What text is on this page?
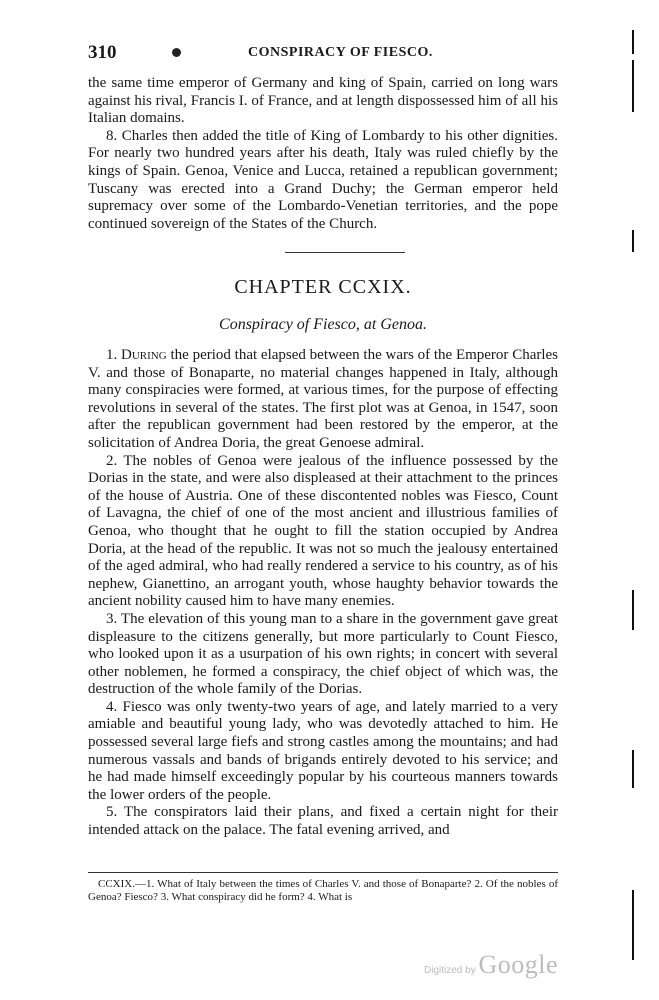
310	CONSPIRACY OF FIESCO.

the same time emperor of Germany and king of Spain, carried on long wars against his rival, Francis I. of France, and at length dispossessed him of all his Italian domains.

8. Charles then added the title of King of Lombardy to his other dignities. For nearly two hundred years after his death, Italy was ruled chiefly by the kings of Spain. Genoa, Venice and Lucca, retained a republican government; Tuscany was erected into a Grand Duchy; the German emperor held supremacy over some of the Lombardo-Venetian territories, and the pope continued sovereign of the States of the Church.

CHAPTER CCXIX.
Conspiracy of Fiesco, at Genoa.

1. During the period that elapsed between the wars of the Emperor Charles V. and those of Bonaparte, no material changes happened in Italy, although many conspiracies were formed, at various times, for the purpose of effecting revolutions in several of the states. The first plot was at Genoa, in 1547, soon after the republican government had been restored by the emperor, at the solicitation of Andrea Doria, the great Genoese admiral.

2. The nobles of Genoa were jealous of the influence possessed by the Dorias in the state, and were also displeased at their attachment to the princes of the house of Austria. One of these discontented nobles was Fiesco, Count of Lavagna, the chief of one of the most ancient and illustrious families of Genoa, who thought that he ought to fill the station occupied by Andrea Doria, at the head of the republic. It was not so much the jealousy entertained of the aged admiral, who had really rendered a service to his country, as of his nephew, Gianettino, an arrogant youth, whose haughty behavior towards the ancient nobility caused him to have many enemies.

3. The elevation of this young man to a share in the government gave great displeasure to the citizens generally, but more particularly to Count Fiesco, who looked upon it as a usurpation of his own rights; in concert with several other noblemen, he formed a conspiracy, the chief object of which was, the destruction of the whole family of the Dorias.

4. Fiesco was only twenty-two years of age, and lately married to a very amiable and beautiful young lady, who was devotedly attached to him. He possessed several large fiefs and strong castles among the mountains; and had numerous vassals and bands of brigands entirely devoted to his service; and he had made himself exceedingly popular by his courteous manners towards the lower orders of the people.

5. The conspirators laid their plans, and fixed a certain night for their intended attack on the palace. The fatal evening arrived, and

CCXIX.—1. What of Italy between the times of Charles V. and those of Bonaparte? 2. Of the nobles of Genoa? Fiesco? 3. What conspiracy did he form? 4. What is

Digitized by Google
